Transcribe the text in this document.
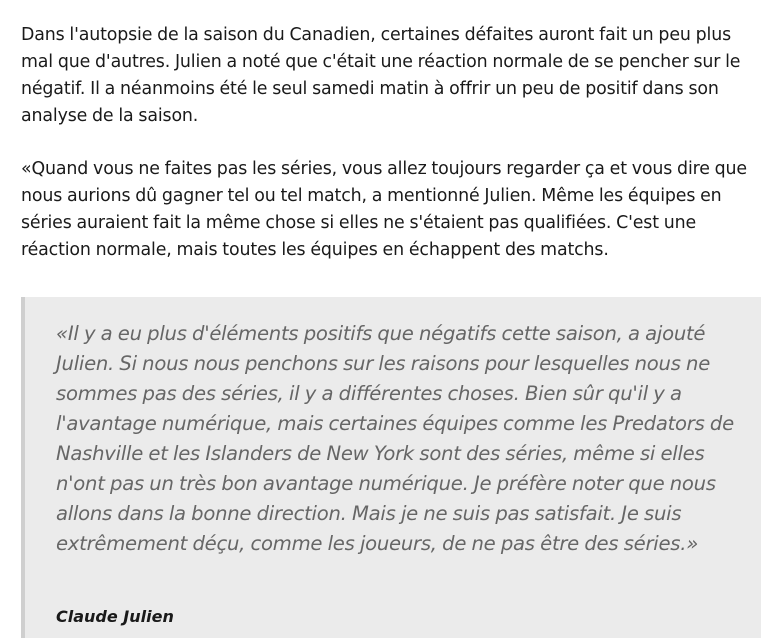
Dans l'autopsie de la saison du Canadien, certaines défaites auront fait un peu plus mal que d'autres. Julien a noté que c'était une réaction normale de se pencher sur le négatif. Il a néanmoins été le seul samedi matin à offrir un peu de positif dans son analyse de la saison.

«Quand vous ne faites pas les séries, vous allez toujours regarder ça et vous dire que nous aurions dû gagner tel ou tel match, a mentionné Julien. Même les équipes en séries auraient fait la même chose si elles ne s'étaient pas qualifiées. C'est une réaction normale, mais toutes les équipes en échappent des matchs.

«Il y a eu plus d'éléments positifs que négatifs cette saison, a ajouté Julien. Si nous nous penchons sur les raisons pour lesquelles nous ne sommes pas des séries, il y a différentes choses. Bien sûr qu'il y a l'avantage numérique, mais certaines équipes comme les Predators de Nashville et les Islanders de New York sont des séries, même si elles n'ont pas un très bon avantage numérique. Je préfère noter que nous allons dans la bonne direction. Mais je ne suis pas satisfait. Je suis extrêmement déçu, comme les joueurs, de ne pas être des séries.»

Claude Julien
